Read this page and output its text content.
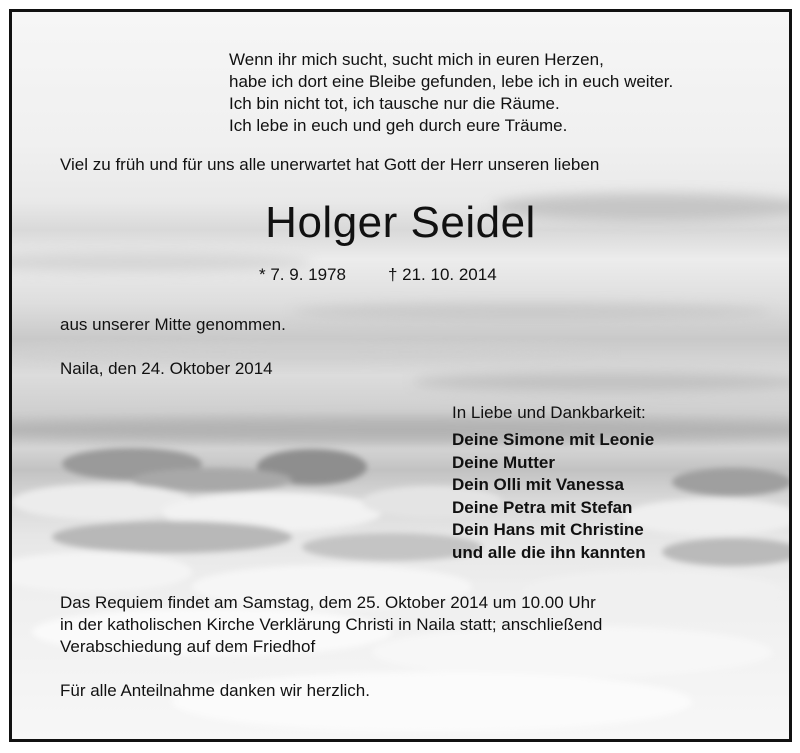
Wenn ihr mich sucht, sucht mich in euren Herzen,
habe ich dort eine Bleibe gefunden, lebe ich in euch weiter.
Ich bin nicht tot, ich tausche nur die Räume.
Ich lebe in euch und geh durch eure Träume.

Viel zu früh und für uns alle unerwartet hat Gott der Herr unseren lieben

Holger Seidel

* 7. 9. 1978 † 21. 10. 2014

aus unserer Mitte genommen.

Naila, den 24. Oktober 2014

In Liebe und Dankbarkeit:

Deine Simone mit Leonie
Deine Mutter
Dein Olli mit Vanessa
Deine Petra mit Stefan
Dein Hans mit Christine
und alle die ihn kannten
Das Requiem findet am Samstag, dem 25. Oktober 2014 um 10.00 Uhr
in der katholischen Kirche Verklärung Christi in Naila statt; anschließend
Verabschiedung auf dem Friedhof

Für alle Anteilnahme danken wir herzlich.
